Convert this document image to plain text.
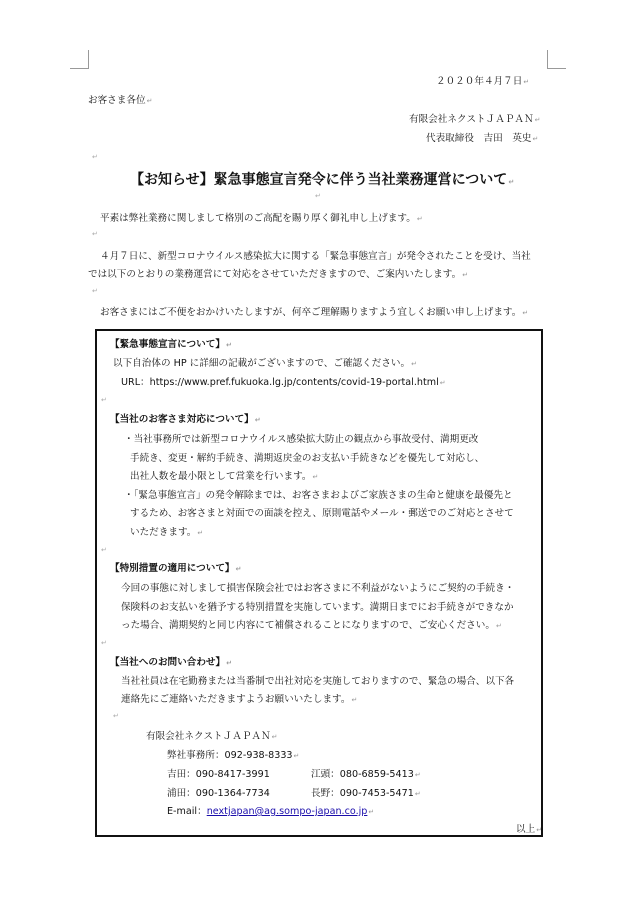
２０２０年４月７日↵
お客さま各位↵
有限会社ネクストＪＡＰＡＮ↵
代表取締役　吉田　英史↵
↵
【お知らせ】緊急事態宣言発令に伴う当社業務運営について↵
↵
平素は弊社業務に関しまして格別のご高配を賜り厚く御礼申し上げます。↵
↵
４月７日に、新型コロナウイルス感染拡大に関する「緊急事態宣言」が発令されたことを受け、当社
では以下のとおりの業務運営にて対応をさせていただきますので、ご案内いたします。↵
↵
お客さまにはご不便をおかけいたしますが、何卒ご理解賜りますよう宜しくお願い申し上げます。↵
【緊急事態宣言について】↵
以下自治体の HP に詳細の記載がございますので、ご確認ください。↵
URL：https://www.pref.fukuoka.lg.jp/contents/covid-19-portal.html↵
↵
【当社のお客さま対応について】↵
・当社事務所では新型コロナウイルス感染拡大防止の観点から事故受付、満期更改
手続き、変更・解約手続き、満期返戻金のお支払い手続きなどを優先して対応し、
出社人数を最小限として営業を行います。↵
・「緊急事態宣言」の発令解除までは、お客さまおよびご家族さまの生命と健康を最優先と
するため、お客さまと対面での面談を控え、原則電話やメール・郵送でのご対応とさせて
いただきます。↵
↵
【特別措置の適用について】↵
今回の事態に対しまして損害保険会社ではお客さまに不利益がないようにご契約の手続き・
保険料のお支払いを猶予する特別措置を実施しています。満期日までにお手続きができなか
った場合、満期契約と同じ内容にて補償されることになりますので、ご安心ください。↵
↵
【当社へのお問い合わせ】↵
当社社員は在宅勤務または当番制で出社対応を実施しておりますので、緊急の場合、以下各
連絡先にご連絡いただきますようお願いいたします。↵
↵
有限会社ネクストＪＡＰＡＮ↵
弊社事務所：092-938-8333↵
吉田：090-8417-3991	江頭：080-6859-5413↵
浦田：090-1364-7734	長野：090-7453-5471↵
E-mail：nextjapan@ag.sompo-japan.co.jp↵
以上↵
